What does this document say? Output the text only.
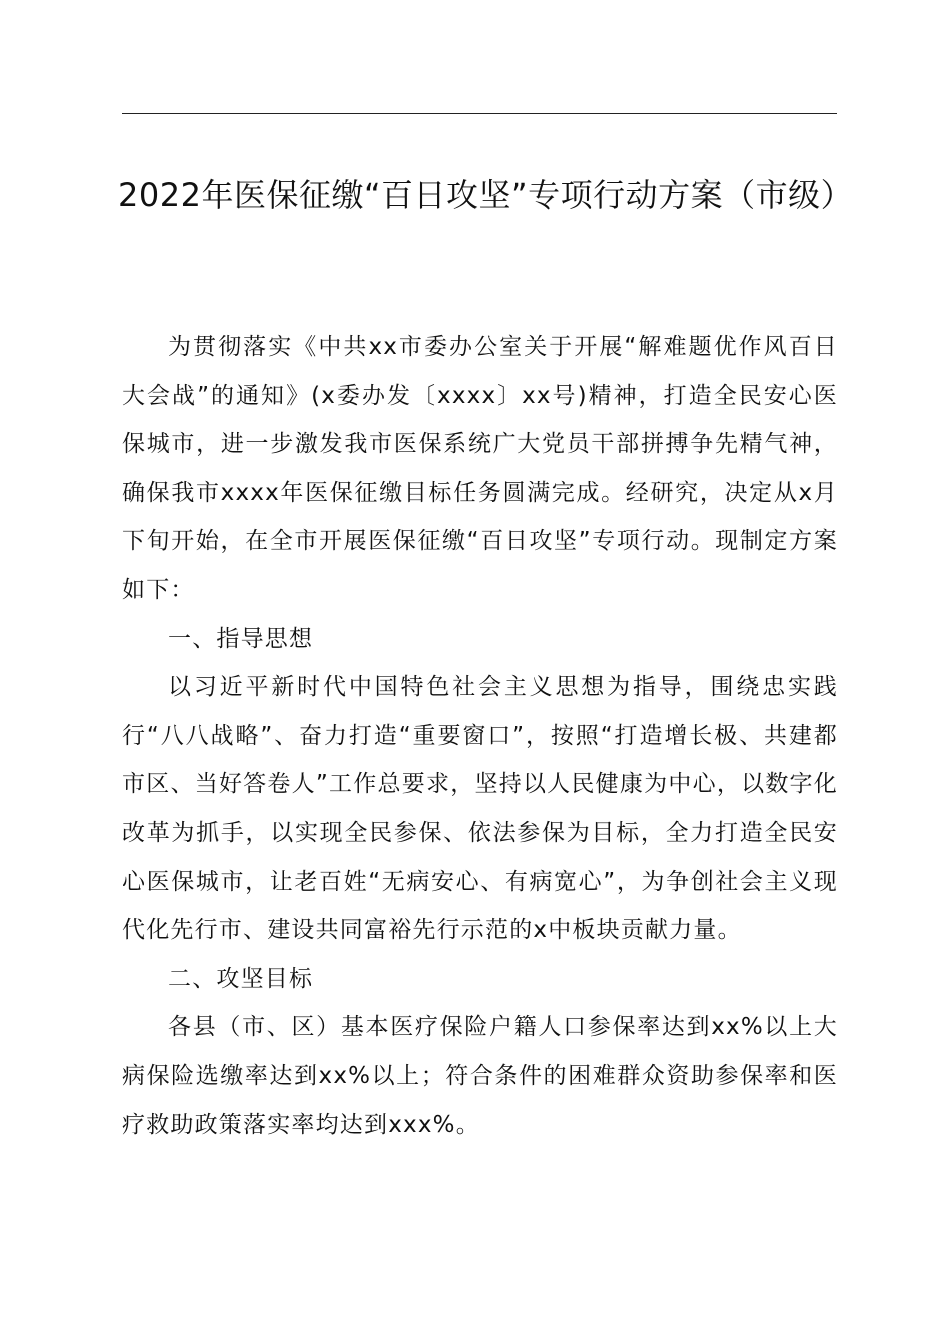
2022年医保征缴“百日攻坚”专项行动方案（市级）

为贯彻落实《中共xx市委办公室关于开展“解难题优作风百日大会战”的通知》(x委办发〔xxxx〕xx号)精神，打造全民安心医保城市，进一步激发我市医保系统广大党员干部拼搏争先精气神，确保我市xxxx年医保征缴目标任务圆满完成。经研究，决定从x月下旬开始，在全市开展医保征缴“百日攻坚”专项行动。现制定方案如下：

一、指导思想

以习近平新时代中国特色社会主义思想为指导，围绕忠实践行“八八战略”、奋力打造“重要窗口”，按照“打造增长极、共建都市区、当好答卷人”工作总要求，坚持以人民健康为中心，以数字化改革为抓手，以实现全民参保、依法参保为目标，全力打造全民安心医保城市，让老百姓“无病安心、有病宽心”，为争创社会主义现代化先行市、建设共同富裕先行示范的x中板块贡献力量。

二、攻坚目标

各县（市、区）基本医疗保险户籍人口参保率达到xx%以上大病保险选缴率达到xx%以上；符合条件的困难群众资助参保率和医疗救助政策落实率均达到xxx%。
